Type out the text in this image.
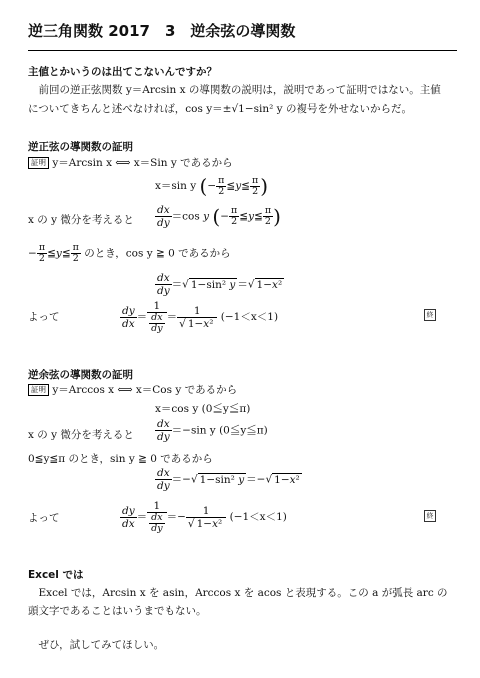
逆三角関数 2017　3　逆余弦の導関数
主値とかいうのは出てこないんですか？
　前回の逆正弦関数 y＝Arcsin x の導関数の説明は，説明であって証明ではない。主値
についてきちんと述べなければ，cos y＝±√1−sin² y の複号を外せないからだ。
逆正弦の導関数の証明
証明 y＝Arcsin x ⟺ x＝Sin y であるから
x＝sin y (− $\frac{\pi}{2}$ ≦y≦ $\frac{\pi}{2}$ )
x の y 微分を考えると $\frac{dx}{dy} =\cos$ y (− $\frac{\pi}{2}$ ≦y≦ $\frac{\pi}{2}$ )
− $\frac{\pi}{2}$ ≦y≦ $\frac{\pi}{2}$ のとき，cos y ≧ 0 であるから
$\frac{dx}{dy}$ ＝√ 1−sin² y ＝√ 1−x²
よって	$\frac{dy}{dx} = \frac{1}{\frac{dx}{dy}} = \frac{1}{\text{√ 1−x²}} (-1<x<1)$	終
逆余弦の導関数の証明
証明 y＝Arccos x ⟺ x＝Cos y であるから
x＝cos y (0≦y≦π)
x の y 微分を考えると $\frac{dx}{dy} =-\sin$ y (0≦y≦π)
0≦y≦π のとき，sin y ≧ 0 であるから
$\frac{dx}{dy}$ ＝−√ 1−sin² y ＝−√ 1−x²
よって	$\frac{dy}{dx} = \frac{1}{\frac{dx}{dy}} =- \frac{1}{\text{√ 1−x²}} (-1<x<1)$	終
Excel では
　Excel では，Arcsin x を asin，Arccos x を acos と表現する。この a が弧長 arc の
頭文字であることはいうまでもない。
　ぜひ，試してみてほしい。
